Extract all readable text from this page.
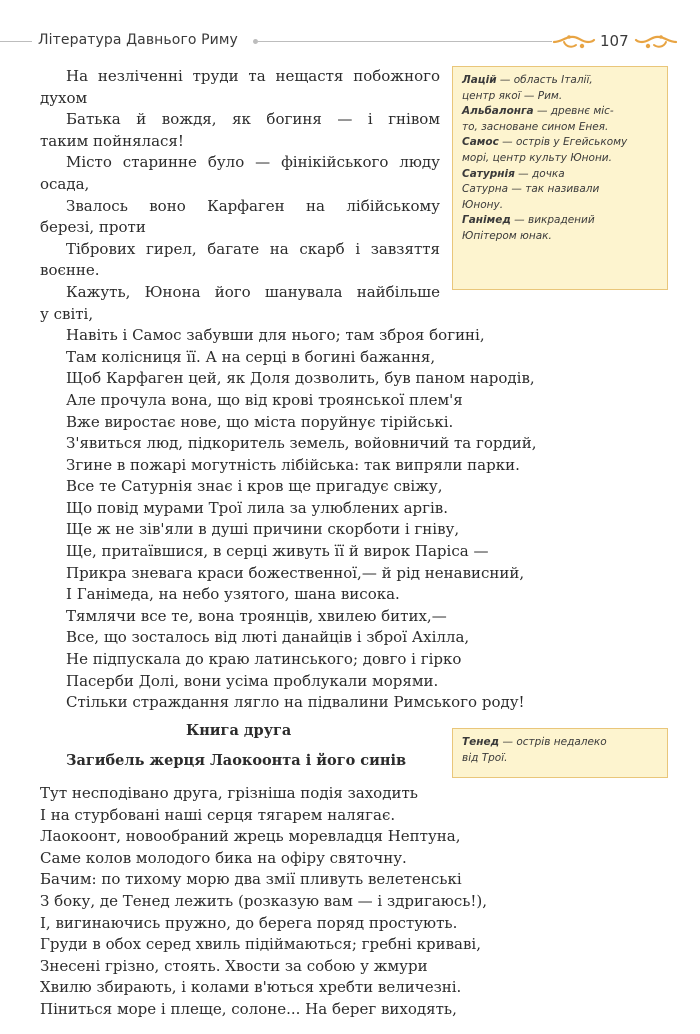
Література Давнього Риму	107
На незліченні труди та нещастя побожного
духом
Батька й вождя, як богиня — і гнівом
таким пойнялася!
Місто старинне було — фінікійського люду
осада,
Звалось воно Карфаген на лібійському
березі, проти
Тібрових гирел, багате на скарб і завзяття
воєнне.
Кажуть, Юнона його шанувала найбільше
у світі,
Навіть і Самос забувши для нього; там зброя богині,
Там колісниця її. А на серці в богині бажання,
Щоб Карфаген цей, як Доля дозволить, був паном народів,
Але прочула вона, що від крові троянської плем'я
Вже виростає нове, що міста поруйнує тірійські.
З'явиться люд, підкоритель земель, войовничий та гордий,
Згине в пожарі могутність лібійська: так випряли парки.
Все те Сатурнія знає і кров ще пригадує свіжу,
Що повід мурами Трої лила за улюблених аргів.
Ще ж не зів'яли в душі причини скорботи і гніву,
Ще, притаївшися, в серці живуть її й вирок Паріса —
Прикра зневага краси божественної,— й рід ненависний,
І Ганімеда, на небо узятого, шана висока.
Тямлячи все те, вона троянців, хвилею битих,—
Все, що зосталось від люті данайців і зброї Ахілла,
Не підпускала до краю латинського; довго і гірко
Пасерби Долі, вони усіма проблукали морями.
Стільки страждання лягло на підвалини Римського роду!
Лацій — область Італії,
центр якої — Рим.
Альбалонга — древнє міс-
то, засноване сином Енея.
Самос — острів у Егейському
морі, центр культу Юнони.
Сатурнія — дочка
Сатурна — так називали
Юнону.
Ганімед — викрадений
Юпітером юнак.
Книга друга
Загибель жерця Лаокоонта і його синів
Тенед — острів недалеко
від Трої.
Тут несподівано друга, грізніша подія заходить
І на стурбовані наші серця тягарем налягає.
Лаокоонт, новообраний жрець моревладця Нептуна,
Саме колов молодого бика на офіру святочну.
Бачим: по тихому морю два змії пливуть велетенські
З боку, де Тенед лежить (розказую вам — і здригаюсь!),
І, вигинаючись пружно, до берега поряд простують.
Груди в обох серед хвиль підіймаються; гребні криваві,
Знесені грізно, стоять. Хвости за собою у жмури
Хвилю збирають, і колами в'ються хребти величезні.
Піниться море і плеще, солоне... На берег виходять,
